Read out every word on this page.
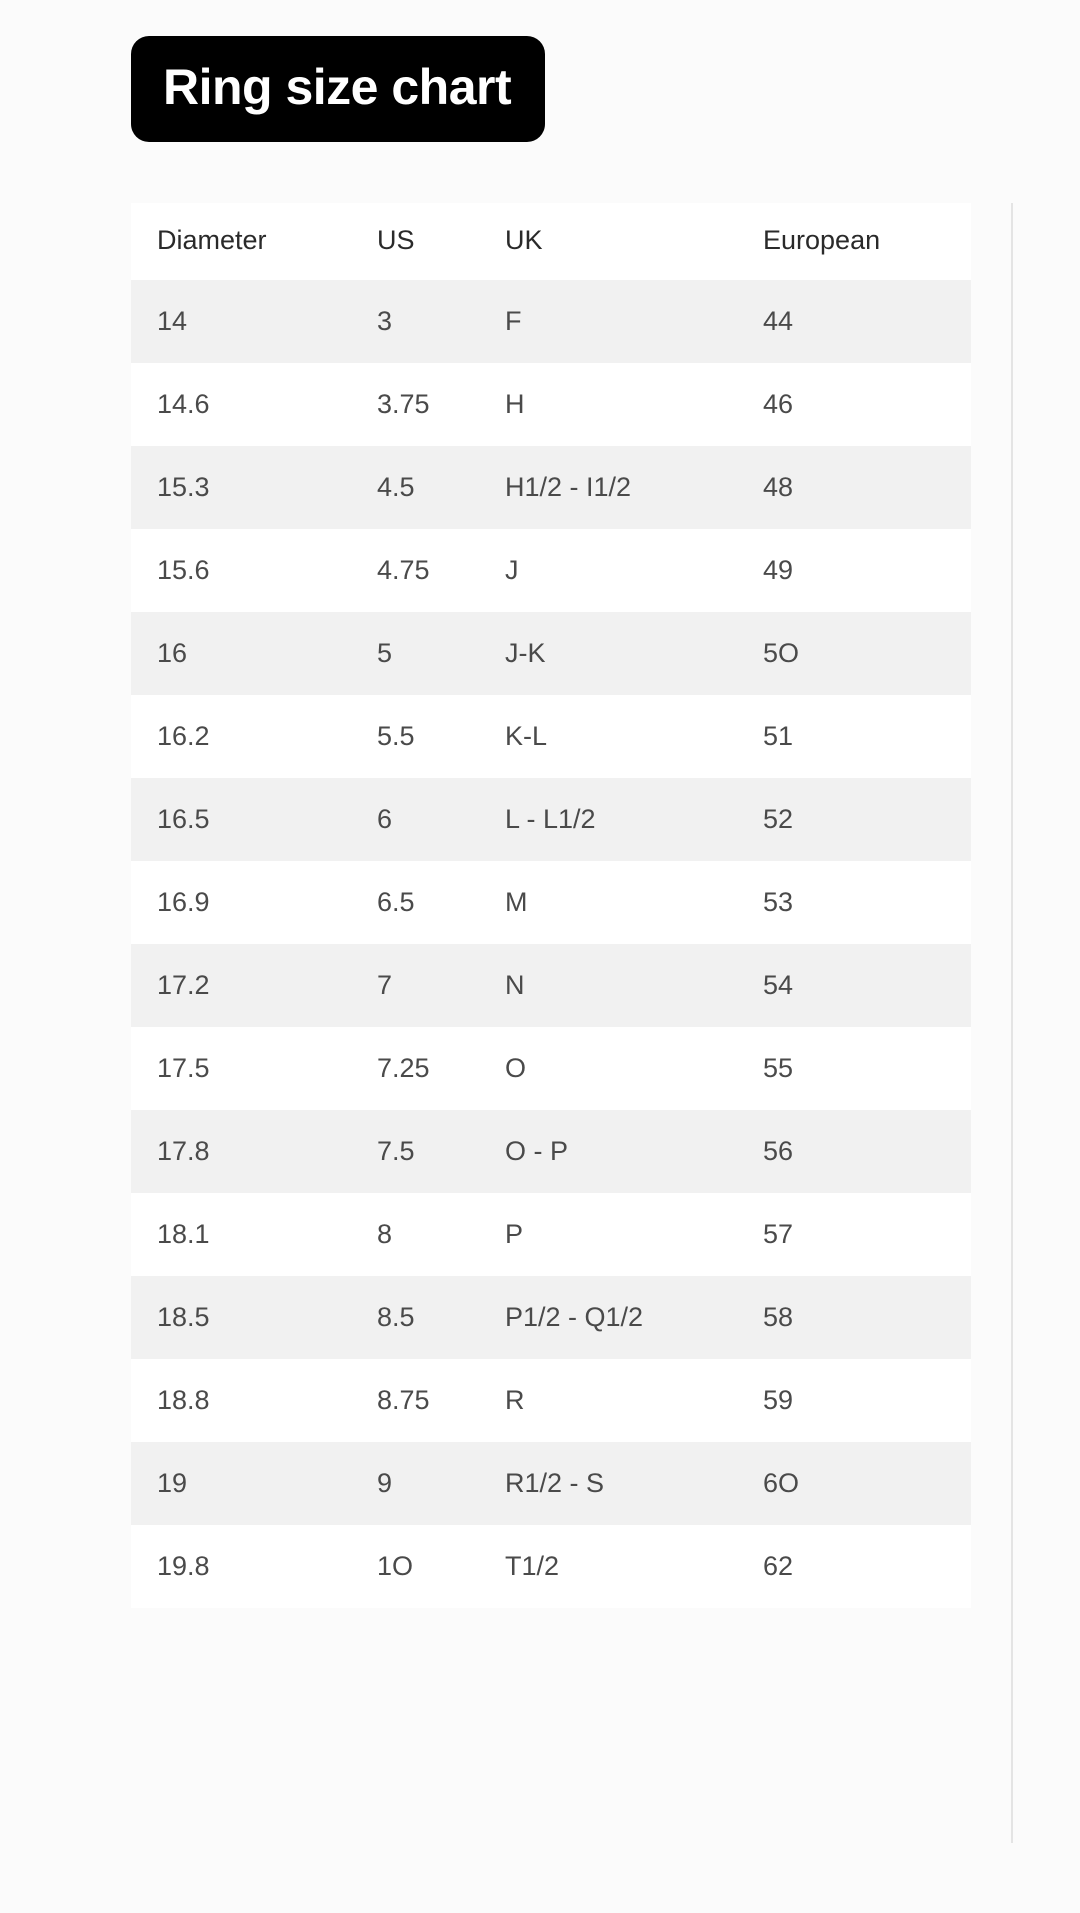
Ring size chart
Diameter	US	UK	European
14	3	F	44
14.6	3.75	H	46
15.3	4.5	H1/2 - I1/2	48
15.6	4.75	J	49
16	5	J-K	5O
16.2	5.5	K-L	51
16.5	6	L - L1/2	52
16.9	6.5	M	53
17.2	7	N	54
17.5	7.25	O	55
17.8	7.5	O - P	56
18.1	8	P	57
18.5	8.5	P1/2 - Q1/2	58
18.8	8.75	R	59
19	9	R1/2 - S	6O
19.8	1O	T1/2	62
